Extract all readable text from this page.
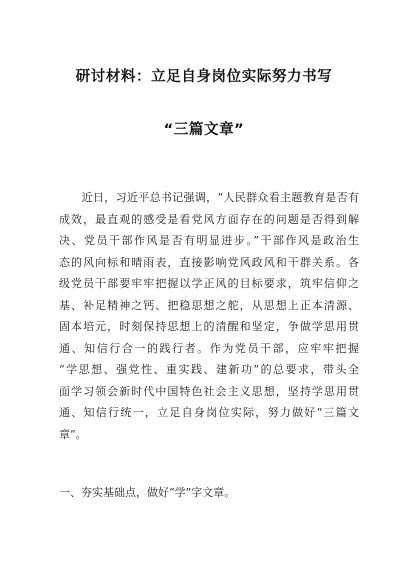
研讨材料：立足自身岗位实际努力书写
“三篇文章”
　　近日，习近平总书记强调，“人民群众看主题教育是否有
成效，最直观的感受是看党风方面存在的问题是否得到解
决、党员干部作风是否有明显进步。”干部作风是政治生
态的风向标和晴雨表，直接影响党风政风和干群关系。各
级党员干部要牢牢把握以学正风的目标要求，筑牢信仰之
基、补足精神之钙、把稳思想之舵，从思想上正本清源、
固本培元，时刻保持思想上的清醒和坚定，争做学思用贯
通、知信行合一的践行者。作为党员干部，应牢牢把握
“学思想、强党性、重实践、建新功”的总要求，带头全
面学习领会新时代中国特色社会主义思想，坚持学思用贯
通、知信行统一，立足自身岗位实际，努力做好“三篇文
章”。
一、夯实基础点，做好“学”字文章。
